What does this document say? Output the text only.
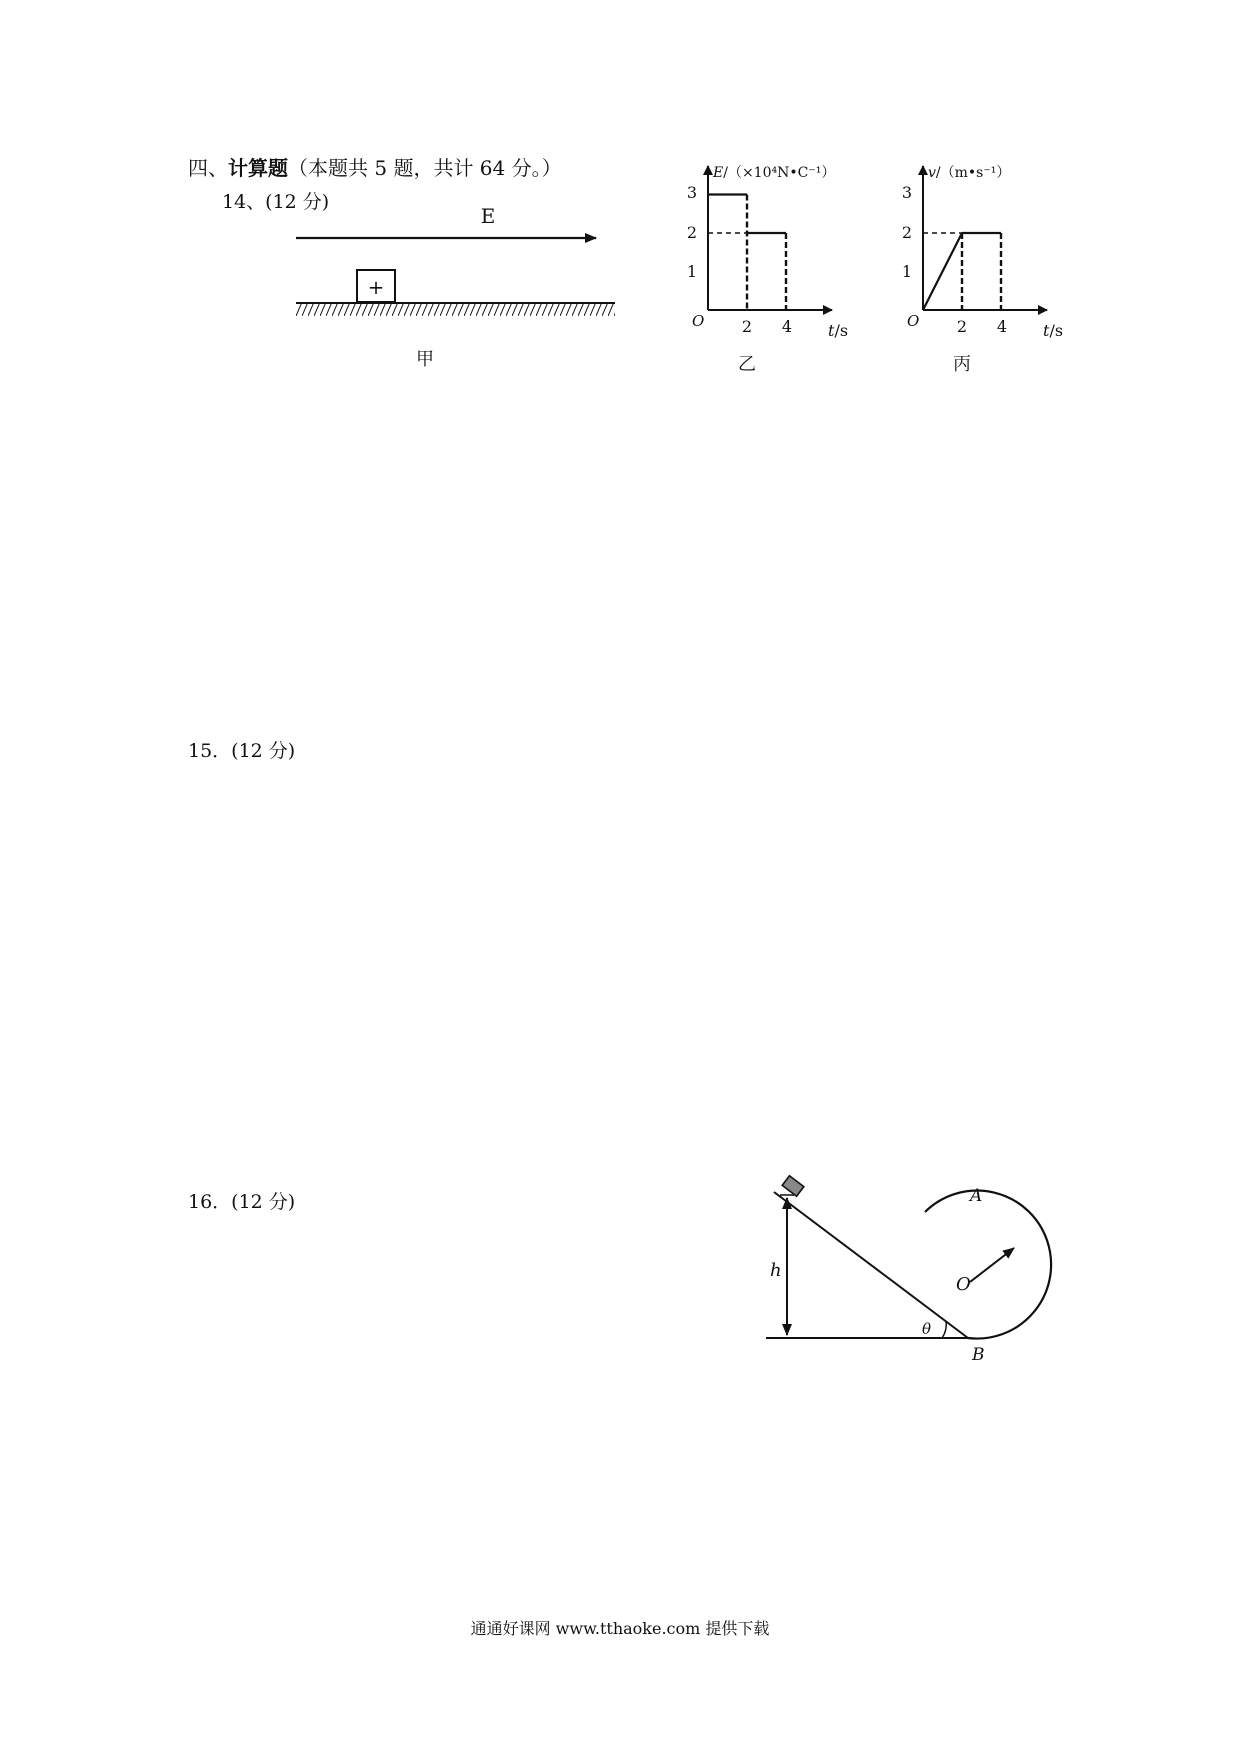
四、计算题（本题共 5 题，共计 64 分。）
14、(12 分)
15．(12 分)
16．(12 分)
E
+
甲
E/（×10⁴N•C⁻¹）
t/s
O
3
2
1
2 4
乙
v/（m•s⁻¹）
t/s
O
3
2
1
2 4
丙
h
θ
A
O
B
通通好课网 www.tthaoke.com 提供下载
